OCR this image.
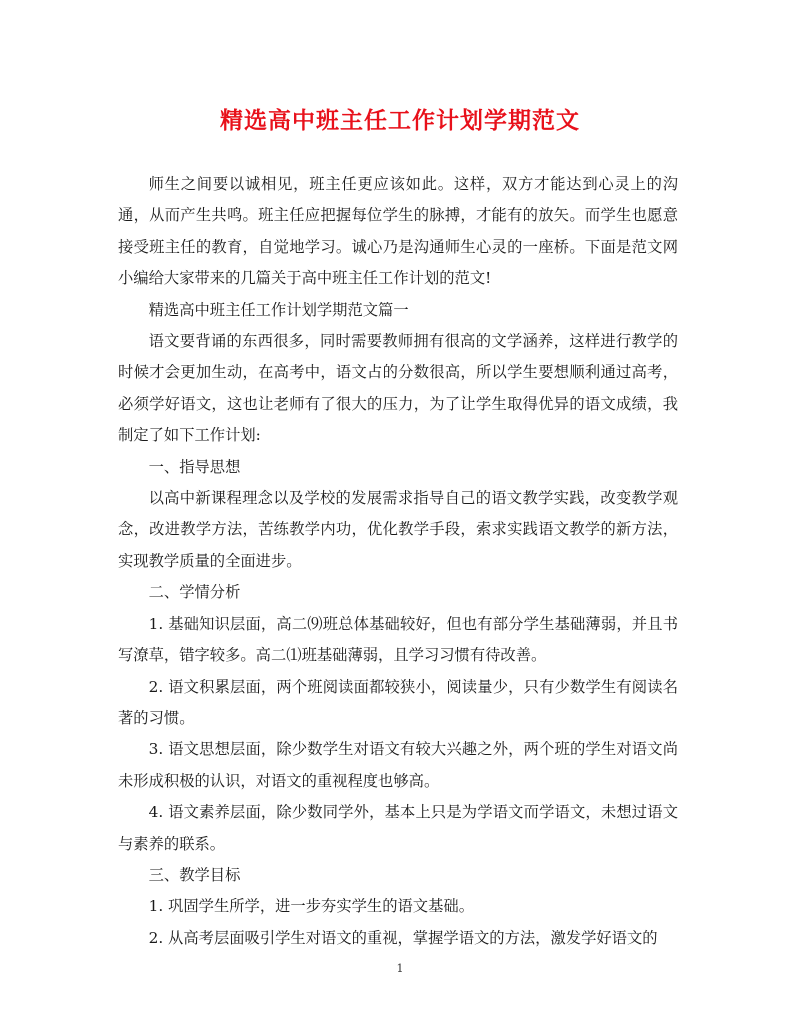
精选高中班主任工作计划学期范文

师生之间要以诚相见，班主任更应该如此。这样，双方才能达到心灵上的沟通，从而产生共鸣。班主任应把握每位学生的脉搏，才能有的放矢。而学生也愿意接受班主任的教育，自觉地学习。诚心乃是沟通师生心灵的一座桥。下面是范文网小编给大家带来的几篇关于高中班主任工作计划的范文!

精选高中班主任工作计划学期范文篇一

语文要背诵的东西很多，同时需要教师拥有很高的文学涵养，这样进行教学的时候才会更加生动，在高考中，语文占的分数很高，所以学生要想顺利通过高考，必须学好语文，这也让老师有了很大的压力，为了让学生取得优异的语文成绩，我制定了如下工作计划:

一、指导思想

以高中新课程理念以及学校的发展需求指导自己的语文教学实践，改变教学观念，改进教学方法，苦练教学内功，优化教学手段，索求实践语文教学的新方法，实现教学质量的全面进步。

二、学情分析

1. 基础知识层面，高二⑼班总体基础较好，但也有部分学生基础薄弱，并且书写潦草，错字较多。高二⑴班基础薄弱，且学习习惯有待改善。

2. 语文积累层面，两个班阅读面都较狭小，阅读量少，只有少数学生有阅读名著的习惯。

3. 语文思想层面，除少数学生对语文有较大兴趣之外，两个班的学生对语文尚未形成积极的认识，对语文的重视程度也够高。

4. 语文素养层面，除少数同学外，基本上只是为学语文而学语文，未想过语文与素养的联系。

三、教学目标

1. 巩固学生所学，进一步夯实学生的语文基础。

2. 从高考层面吸引学生对语文的重视，掌握学语文的方法，激发学好语文的

1
